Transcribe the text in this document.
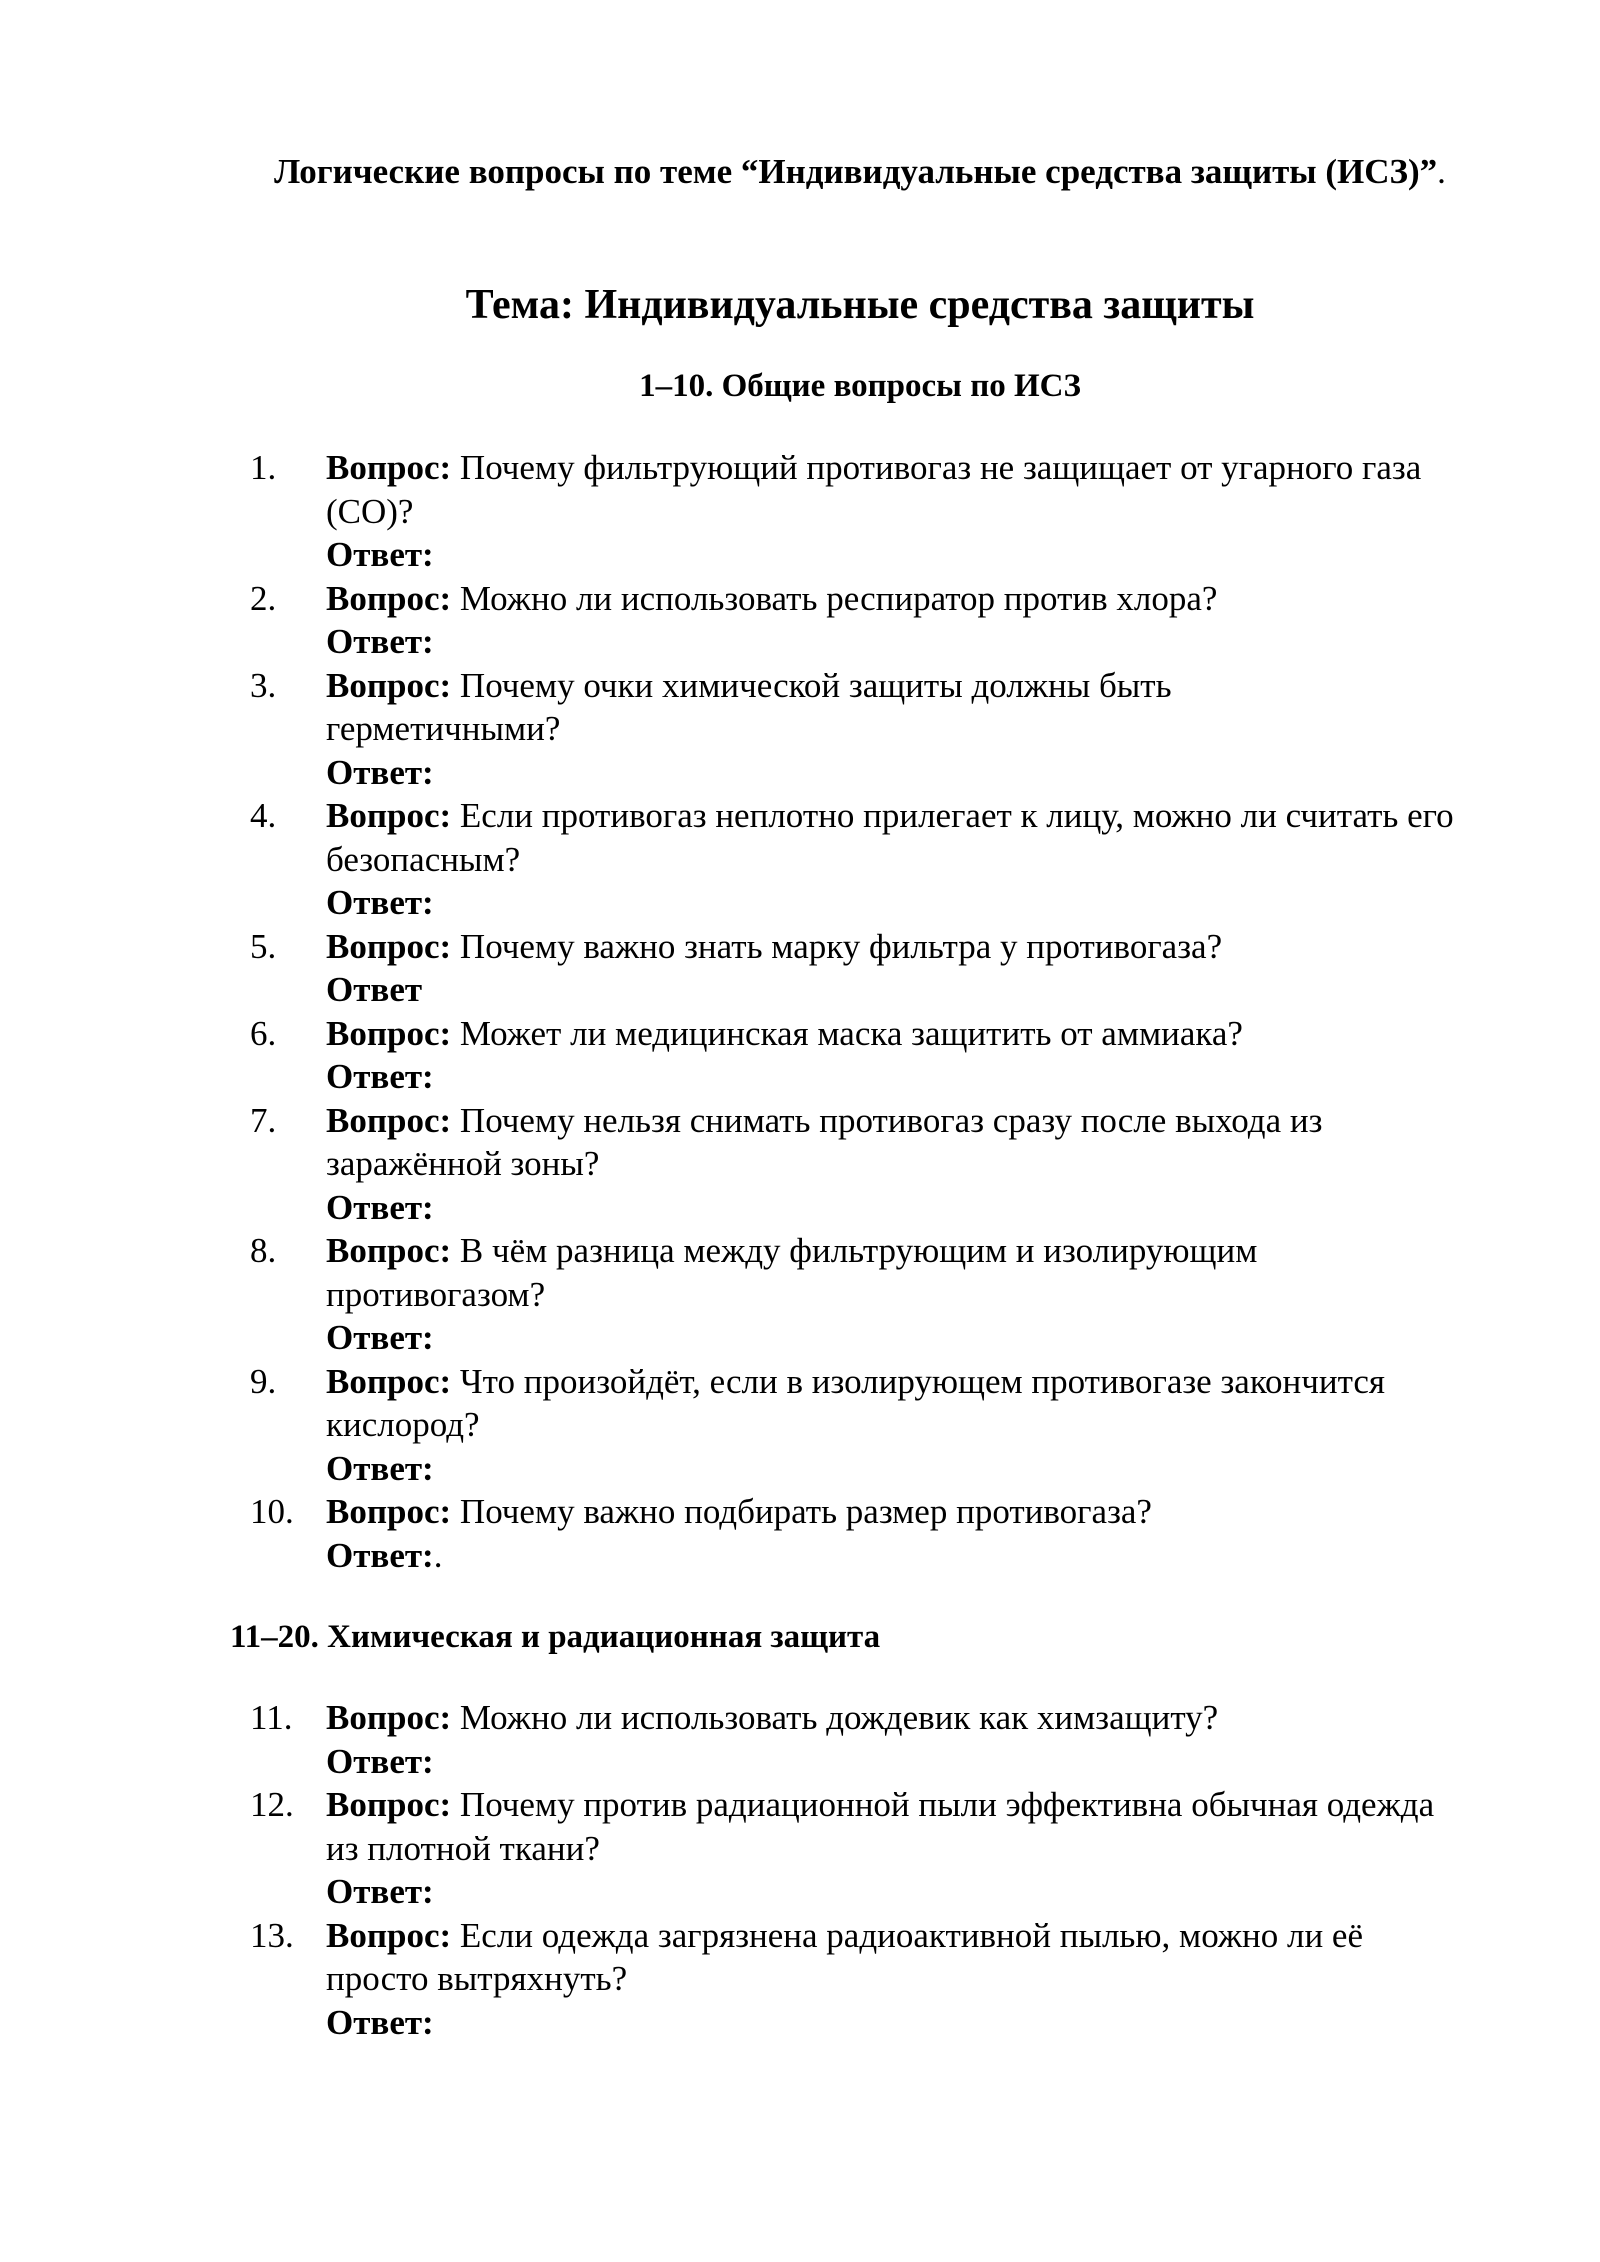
Логические вопросы по теме “Индивидуальные средства защиты (ИСЗ)”.
Тема: Индивидуальные средства защиты
1–10. Общие вопросы по ИСЗ
1.	Вопрос: Почему фильтрующий противогаз не защищает от угарного газа (CO)?
Ответ:
2.	Вопрос: Можно ли использовать респиратор против хлора?
Ответ:
3.	Вопрос: Почему очки химической защиты должны быть герметичными?
Ответ:
4.	Вопрос: Если противогаз неплотно прилегает к лицу, можно ли считать его безопасным?
Ответ:
5.	Вопрос: Почему важно знать марку фильтра у противогаза?
Ответ
6.	Вопрос: Может ли медицинская маска защитить от аммиака?
Ответ:
7.	Вопрос: Почему нельзя снимать противогаз сразу после выхода из заражённой зоны?
Ответ:
8.	Вопрос: В чём разница между фильтрующим и изолирующим противогазом?
Ответ:
9.	Вопрос: Что произойдёт, если в изолирующем противогазе закончится кислород?
Ответ:
10. Вопрос: Почему важно подбирать размер противогаза?
Ответ:.
11–20. Химическая и радиационная защита
11. Вопрос: Можно ли использовать дождевик как химзащиту?
Ответ:
12. Вопрос: Почему против радиационной пыли эффективна обычная одежда из плотной ткани?
Ответ:
13. Вопрос: Если одежда загрязнена радиоактивной пылью, можно ли её просто вытряхнуть?
Ответ:
